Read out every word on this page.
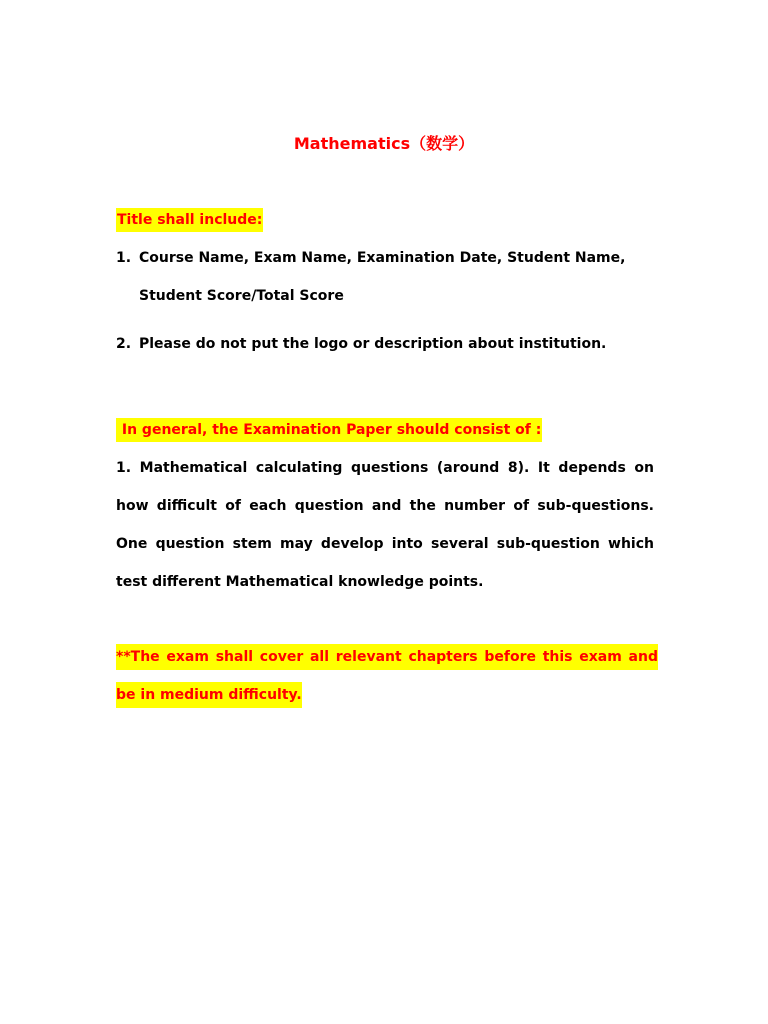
Mathematics（数学）
Title shall include:
1. Course Name, Exam Name, Examination Date, Student Name, Student Score/Total Score
2. Please do not put the logo or description about institution.
In general, the Examination Paper should consist of :
1. Mathematical calculating questions (around 8). It depends on how difficult of each question and the number of sub-questions. One question stem may develop into several sub-question which test different Mathematical knowledge points.
**The exam shall cover all relevant chapters before this exam and be in medium difficulty.
